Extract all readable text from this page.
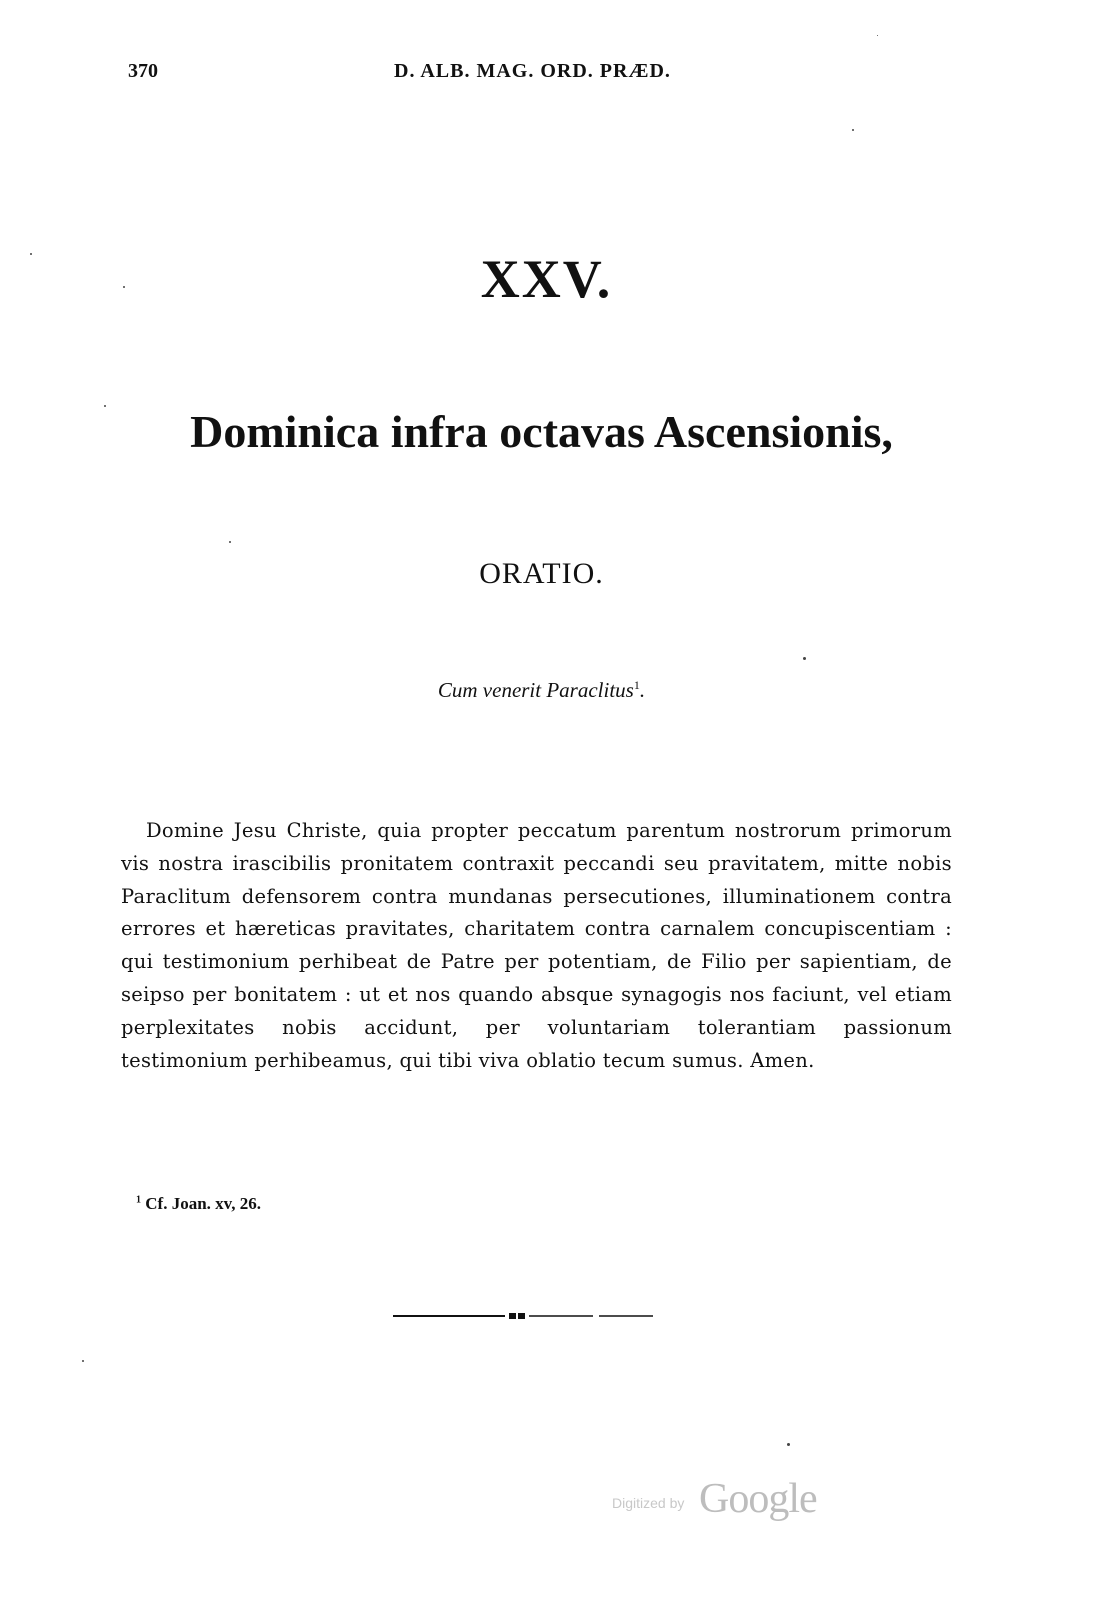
370	D. ALB. MAG. ORD. PRÆD.
XXV.
Dominica infra octavas Ascensionis,
ORATIO.
Cum venerit Paraclitus$^1$.

Domine Jesu Christe, quia propter peccatum parentum nostrorum primorum vis nostra irascibilis pronitatem contraxit peccandi seu pravitatem, mitte nobis Paraclitum defensorem contra mundanas persecutiones, illuminationem contra errores et hæreticas pravitates, charitatem contra carnalem concupiscentiam : qui testimonium perhibeat de Patre per potentiam, de Filio per sapientiam, de seipso per bonitatem : ut et nos quando absque synagogis nos faciunt, vel etiam perplexitates nobis accidunt, per voluntariam tolerantiam passionum testimonium perhibeamus, qui tibi viva oblatio tecum sumus. Amen.

$^1$ Cf. Joan. xv, 26.
Digitized by Google
